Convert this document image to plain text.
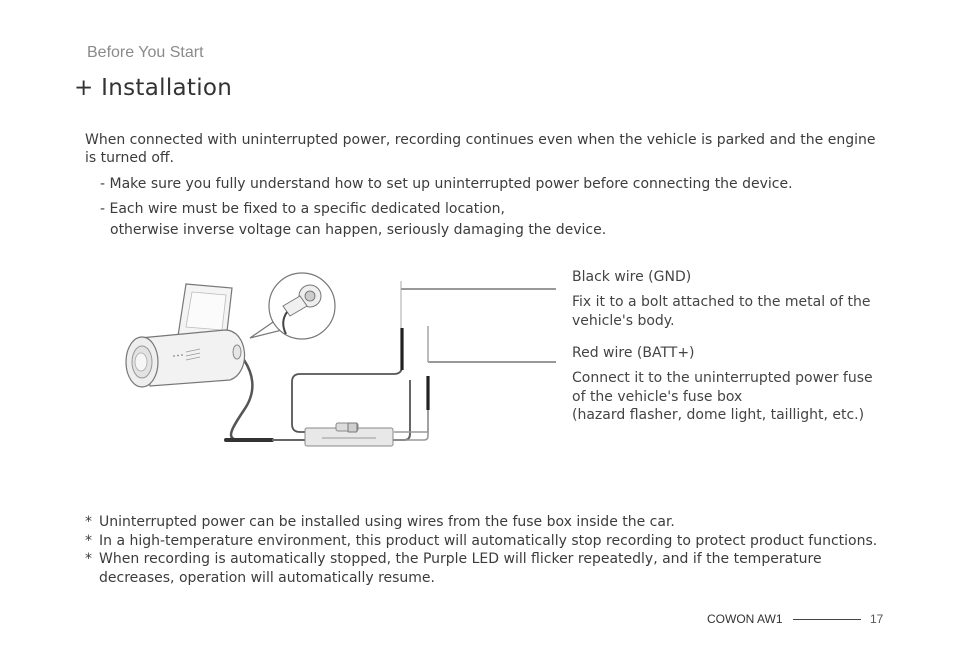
Before You Start
+ Installation
When connected with uninterrupted power, recording continues even when the vehicle is parked and the engine is turned off.
- Make sure you fully understand how to set up uninterrupted power before connecting the device.
- Each wire must be fixed to a specific dedicated location,
otherwise inverse voltage can happen, seriously damaging the device.
Black wire (GND)
Fix it to a bolt attached to the metal of the
vehicle's body.
Red wire (BATT+)
Connect it to the uninterrupted power fuse
of the vehicle's fuse box
(hazard flasher, dome light, taillight, etc.)
* Uninterrupted power can be installed using wires from the fuse box inside the car.
* In a high-temperature environment, this product will automatically stop recording to protect product functions.
* When recording is automatically stopped, the Purple LED will flicker repeatedly, and if the temperature decreases, operation will automatically resume.
COWON AW1	17
